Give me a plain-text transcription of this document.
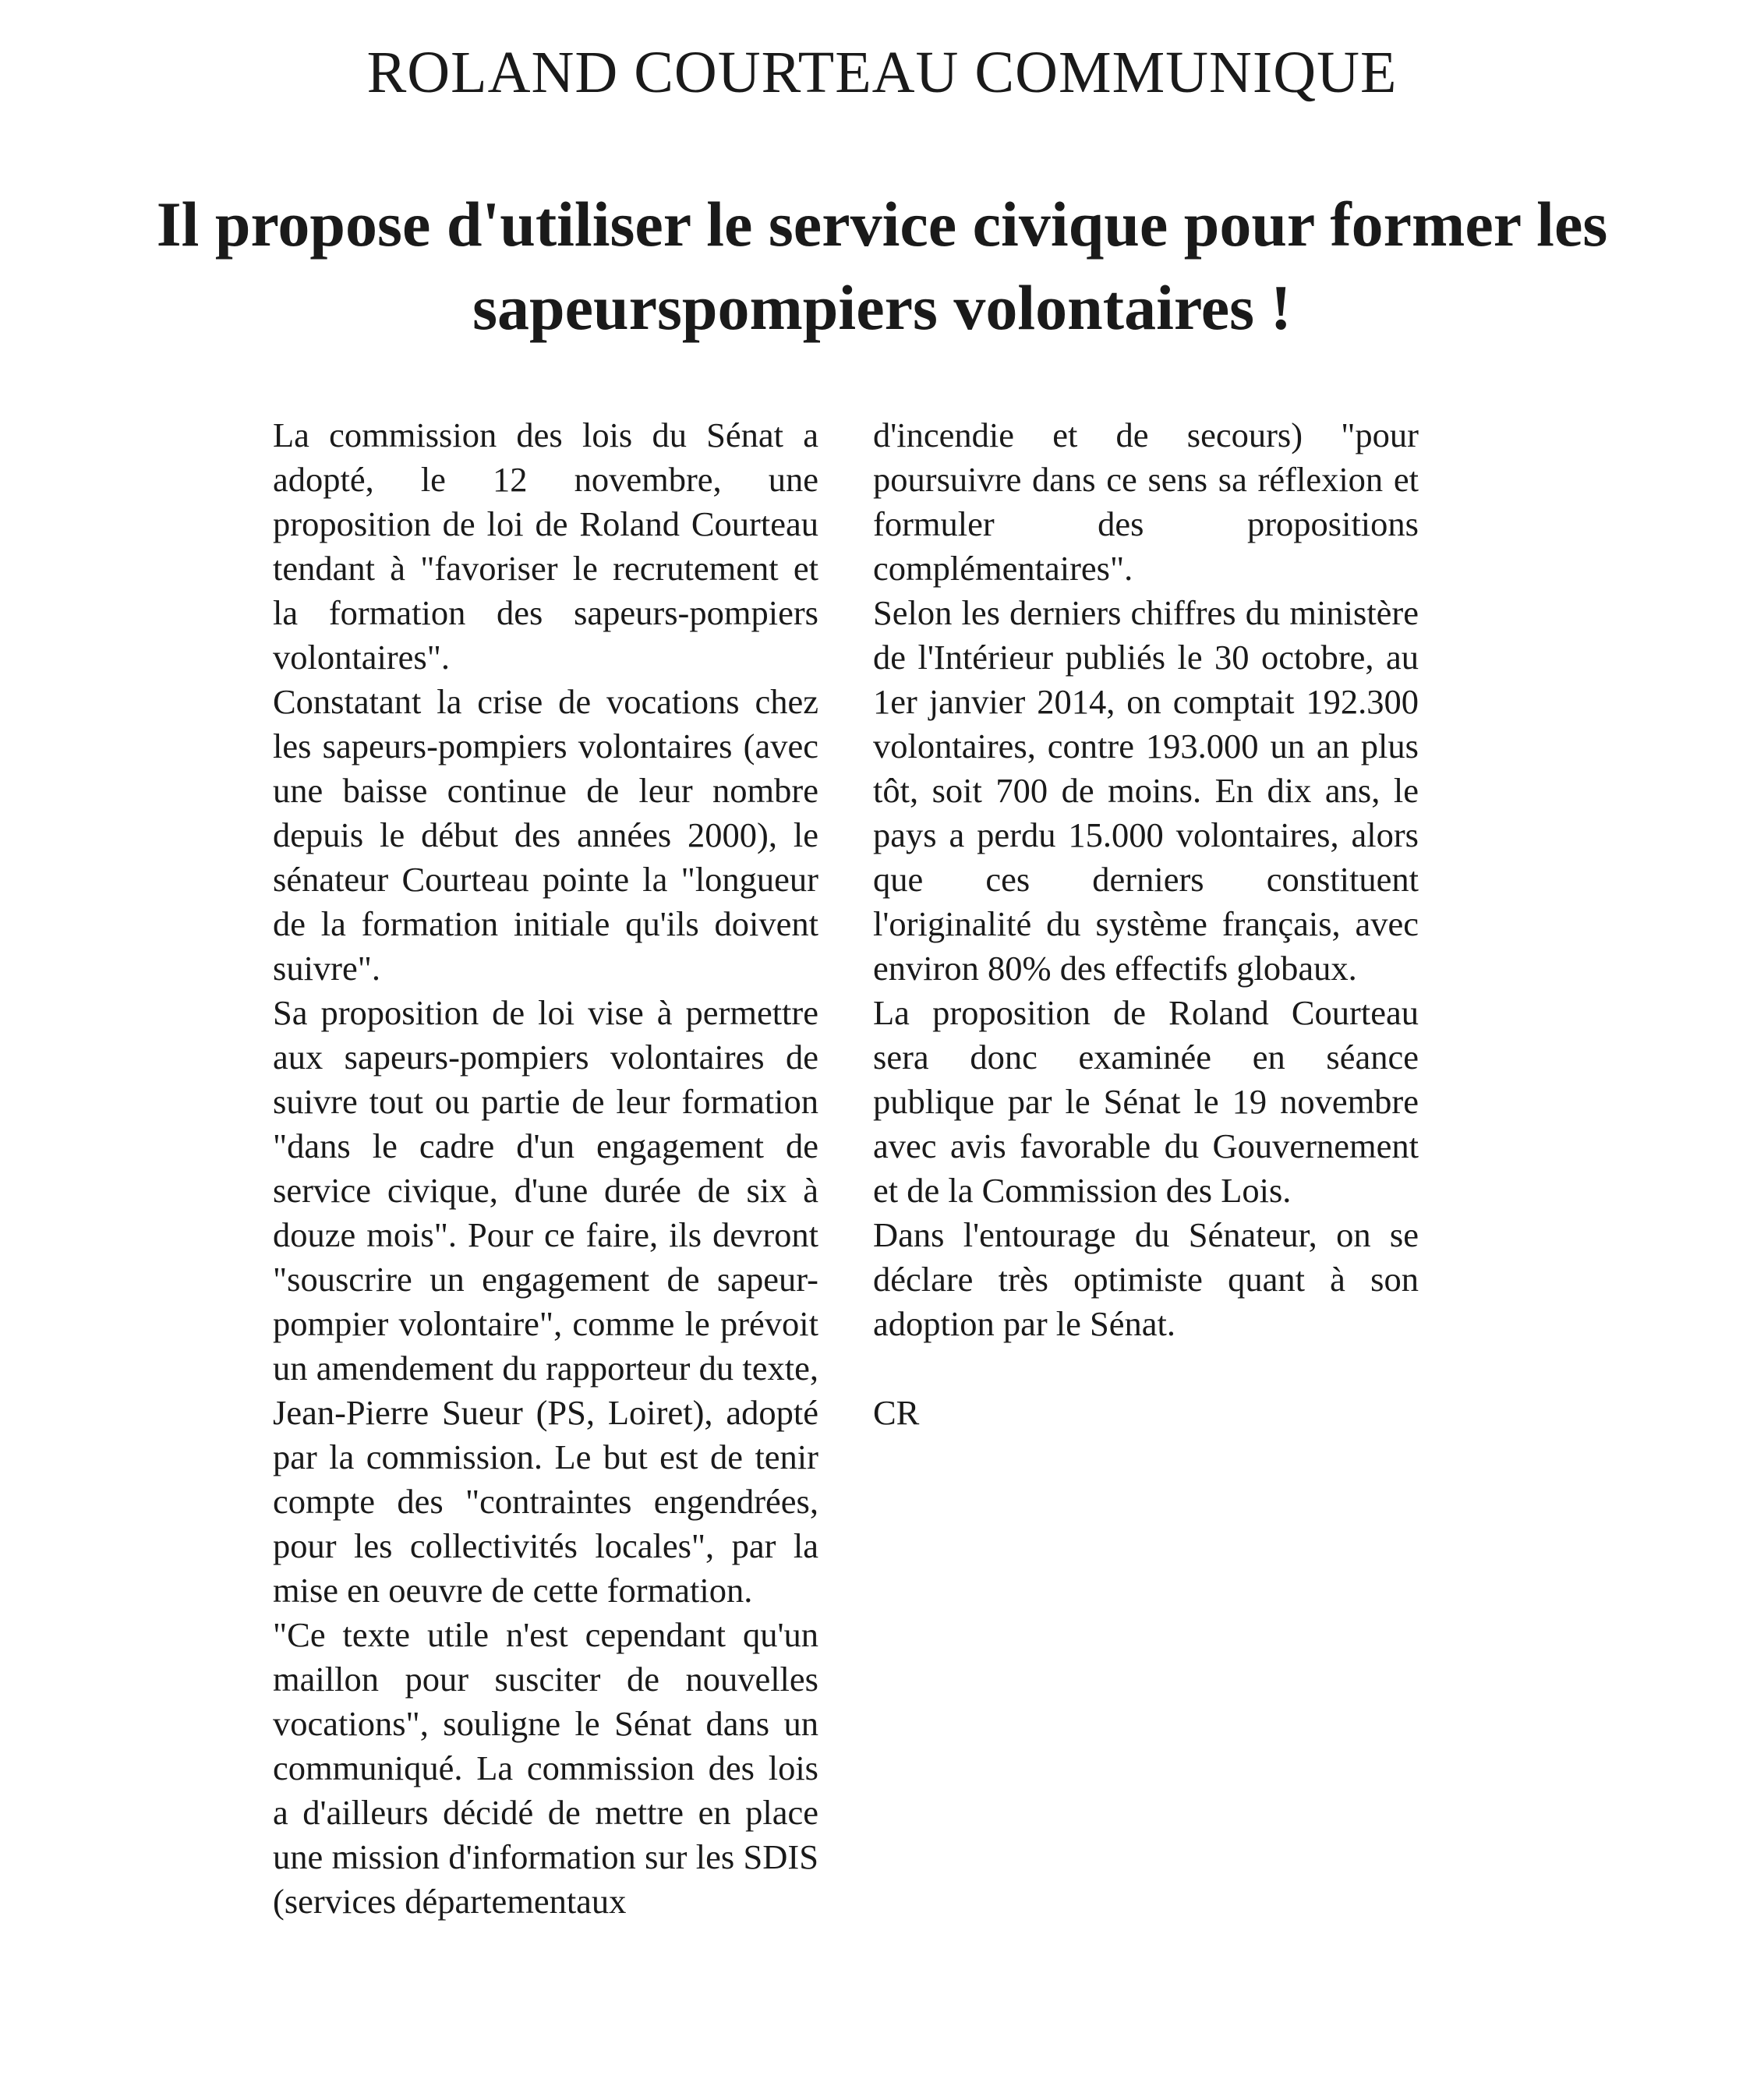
ROLAND COURTEAU COMMUNIQUE
Il propose d'utiliser le service civique pour former les sapeurspompiers volontaires !

La commission des lois du Sénat a adopté, le 12 novembre, une proposition de loi de Roland Courteau tendant à "favoriser le recrutement et la formation des sapeurs-pompiers volontaires".

Constatant la crise de vocations chez les sapeurs-pompiers volontaires (avec une baisse continue de leur nombre depuis le début des années 2000), le sénateur Courteau pointe la "longueur de la formation initiale qu'ils doivent suivre".

Sa proposition de loi vise à permettre aux sapeurs-pompiers volontaires de suivre tout ou partie de leur formation "dans le cadre d'un engagement de service civique, d'une durée de six à douze mois". Pour ce faire, ils devront "souscrire un engagement de sapeur-pompier volontaire", comme le prévoit un amendement du rapporteur du texte, Jean-Pierre Sueur (PS, Loiret), adopté par la commission. Le but est de tenir compte des "contraintes engendrées, pour les collectivités locales", par la mise en oeuvre de cette formation.

"Ce texte utile n'est cependant qu'un maillon pour susciter de nouvelles vocations", souligne le Sénat dans un communiqué. La commission des lois a d'ailleurs décidé de mettre en place une mission d'information sur les SDIS (services départementaux

d'incendie et de secours) "pour poursuivre dans ce sens sa réflexion et formuler des propositions complémentaires".

Selon les derniers chiffres du ministère de l'Intérieur publiés le 30 octobre, au 1er janvier 2014, on comptait 192.300 volontaires, contre 193.000 un an plus tôt, soit 700 de moins. En dix ans, le pays a perdu 15.000 volontaires, alors que ces derniers constituent l'originalité du système français, avec environ 80% des effectifs globaux.

La proposition de Roland Courteau sera donc examinée en séance publique par le Sénat le 19 novembre avec avis favorable du Gouvernement et de la Commission des Lois.

Dans l'entourage du Sénateur, on se déclare très optimiste quant à son adoption par le Sénat.

CR
